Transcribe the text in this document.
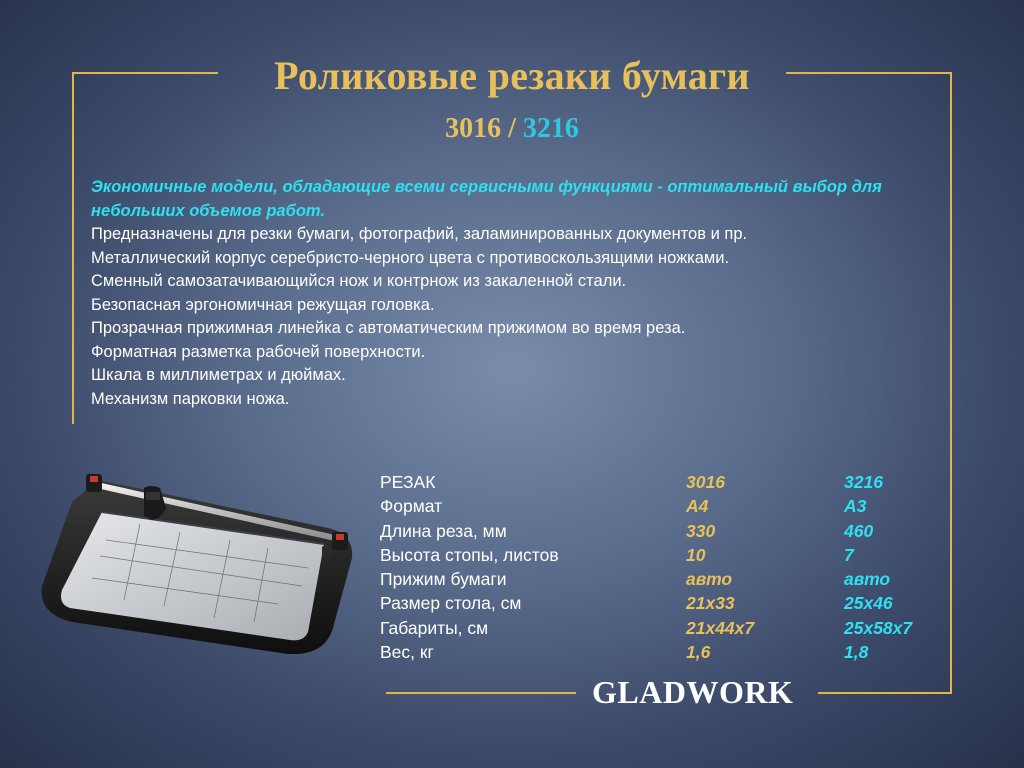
Роликовые резаки бумаги
3016 / 3216
Экономичные модели, обладающие всеми сервисными функциями - оптимальный выбор для небольших объемов работ.
Предназначены для резки бумаги, фотографий, заламинированных документов и пр.
Металлический корпус серебристо-черного цвета с противоскользящими ножками.
Сменный самозатачивающийся нож и контрнож из закаленной стали.
Безопасная эргономичная режущая головка.
Прозрачная прижимная линейка с автоматическим прижимом во время реза.
Форматная разметка рабочей поверхности.
Шкала в миллиметрах и дюймах.
Механизм парковки ножа.
РЕЗАК	3016	3216
Формат	А4	А3
Длина реза, мм	330	460
Высота стопы, листов	10	7
Прижим бумаги	авто	авто
Размер стола, см	21х33	25х46
Габариты, см	21х44х7	25х58х7
Вес, кг	1,6	1,8
GLADWORK
